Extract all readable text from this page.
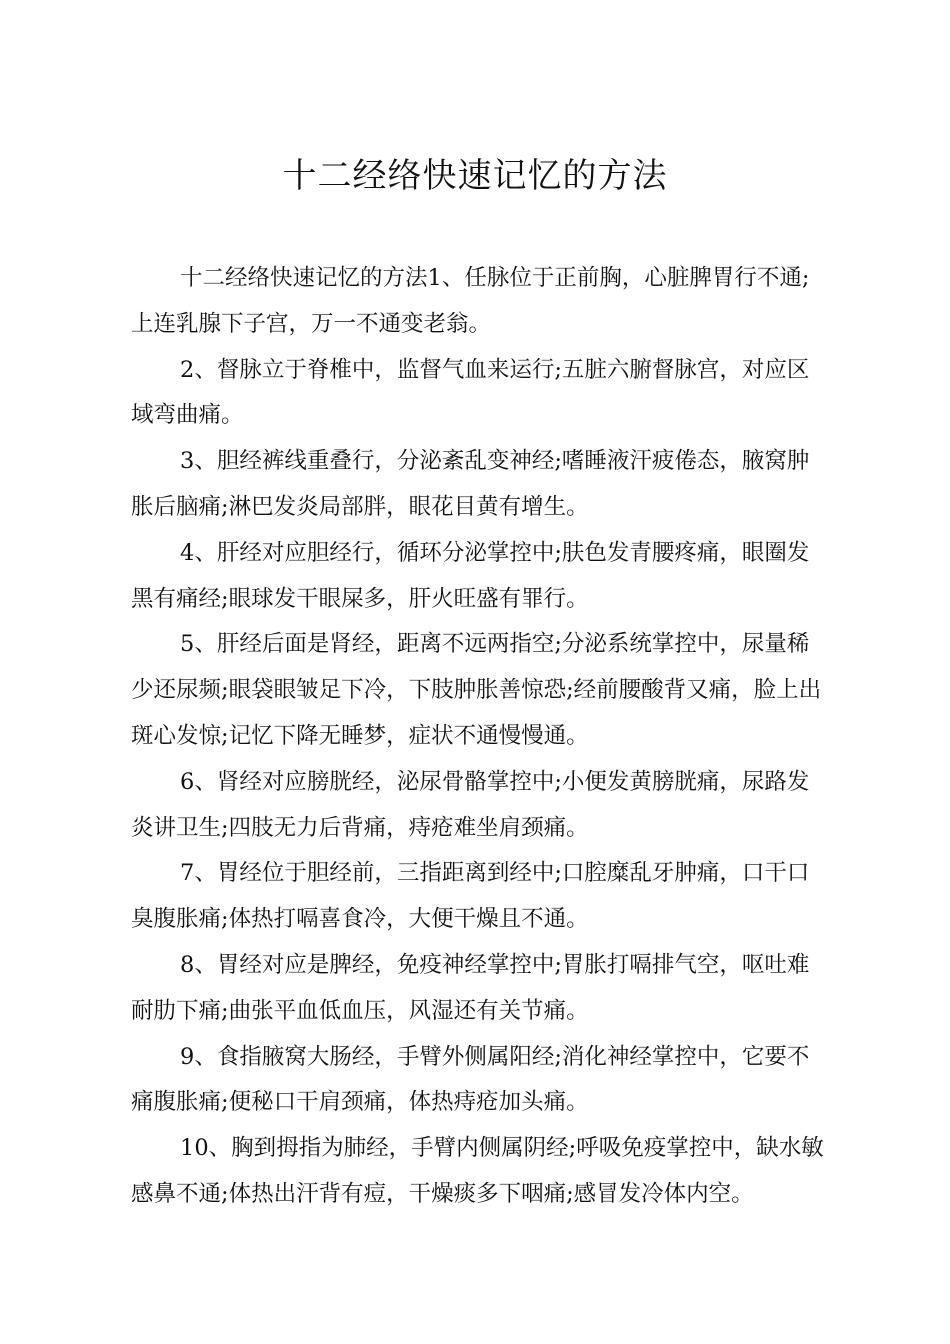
十二经络快速记忆的方法

十二经络快速记忆的方法1、任脉位于正前胸，心脏脾胃行不通;上连乳腺下子宫，万一不通变老翁。

2、督脉立于脊椎中，监督气血来运行;五脏六腑督脉宫，对应区域弯曲痛。

3、胆经裤线重叠行，分泌紊乱变神经;嗜睡液汗疲倦态，腋窝肿胀后脑痛;淋巴发炎局部胖，眼花目黄有增生。

4、肝经对应胆经行，循环分泌掌控中;肤色发青腰疼痛，眼圈发黑有痛经;眼球发干眼屎多，肝火旺盛有罪行。

5、肝经后面是肾经，距离不远两指空;分泌系统掌控中，尿量稀少还尿频;眼袋眼皱足下冷，下肢肿胀善惊恐;经前腰酸背又痛，脸上出斑心发惊;记忆下降无睡梦，症状不通慢慢通。

6、肾经对应膀胱经，泌尿骨骼掌控中;小便发黄膀胱痛，尿路发炎讲卫生;四肢无力后背痛，痔疮难坐肩颈痛。

7、胃经位于胆经前，三指距离到经中;口腔糜乱牙肿痛，口干口臭腹胀痛;体热打嗝喜食冷，大便干燥且不通。

8、胃经对应是脾经，免疫神经掌控中;胃胀打嗝排气空，呕吐难耐肋下痛;曲张平血低血压，风湿还有关节痛。

9、食指腋窝大肠经，手臂外侧属阳经;消化神经掌控中，它要不痛腹胀痛;便秘口干肩颈痛，体热痔疮加头痛。

10、胸到拇指为肺经，手臂内侧属阴经;呼吸免疫掌控中，缺水敏感鼻不通;体热出汗背有痘，干燥痰多下咽痛;感冒发冷体内空。
